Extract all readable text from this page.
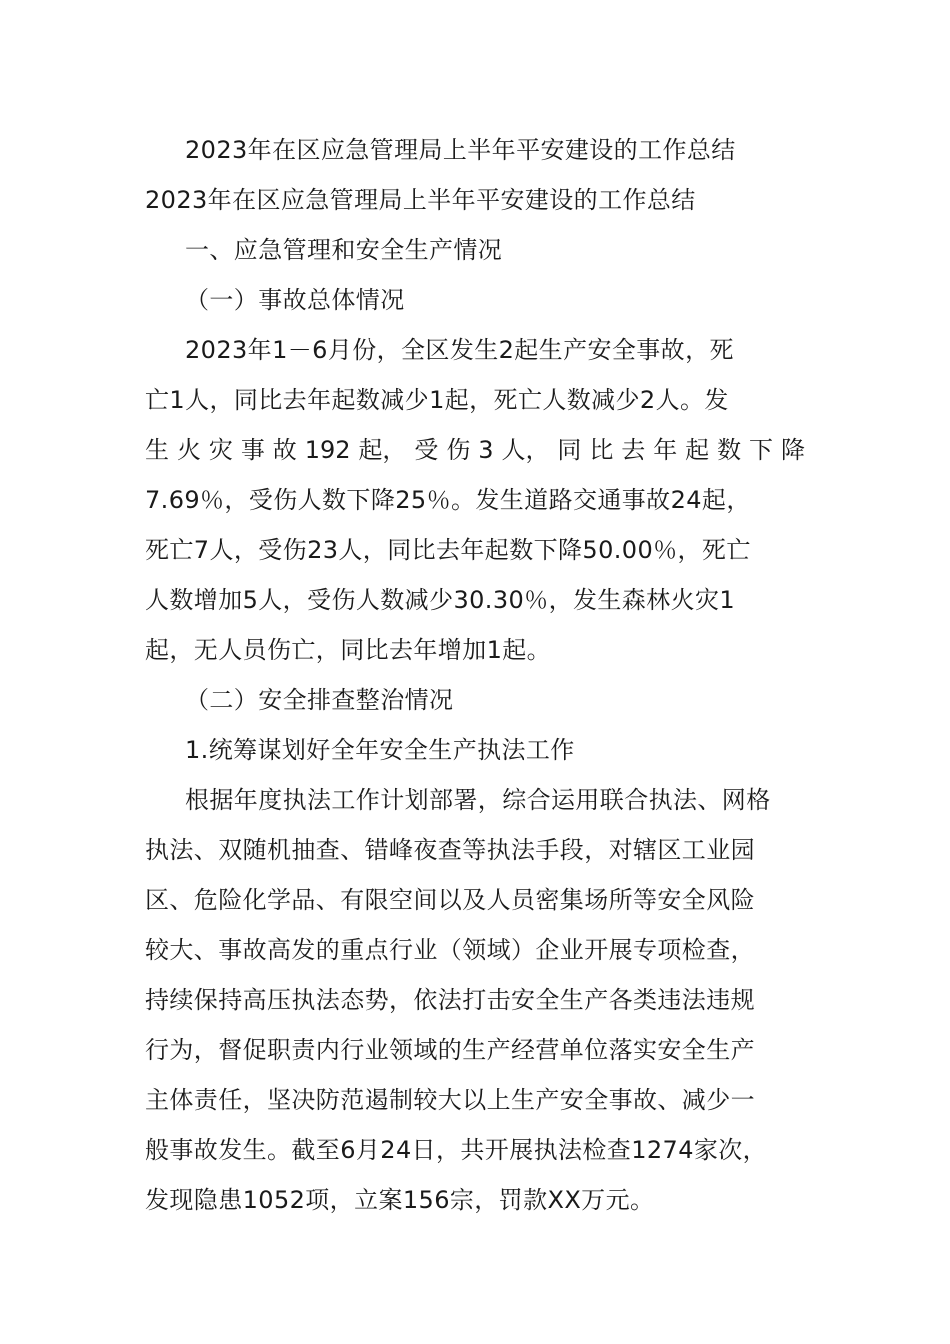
2023年在区应急管理局上半年平安建设的工作总结
2023年在区应急管理局上半年平安建设的工作总结
一、应急管理和安全生产情况
（一）事故总体情况
2023年1－6月份，全区发生2起生产安全事故，死
亡1人，同比去年起数减少1起，死亡人数减少2人。发
生 火 灾 事 故 192 起， 受 伤 3 人， 同 比 去 年 起 数 下 降
7.69％，受伤人数下降25％。发生道路交通事故24起，
死亡7人，受伤23人，同比去年起数下降50.00％，死亡
人数增加5人，受伤人数减少30.30％，发生森林火灾1
起，无人员伤亡，同比去年增加1起。
（二）安全排查整治情况
1.统筹谋划好全年安全生产执法工作
根据年度执法工作计划部署，综合运用联合执法、网格
执法、双随机抽查、错峰夜查等执法手段，对辖区工业园
区、危险化学品、有限空间以及人员密集场所等安全风险
较大、事故高发的重点行业（领域）企业开展专项检查，
持续保持高压执法态势，依法打击安全生产各类违法违规
行为，督促职责内行业领域的生产经营单位落实安全生产
主体责任，坚决防范遏制较大以上生产安全事故、减少一
般事故发生。截至6月24日，共开展执法检查1274家次，
发现隐患1052项，立案156宗，罚款XX万元。
